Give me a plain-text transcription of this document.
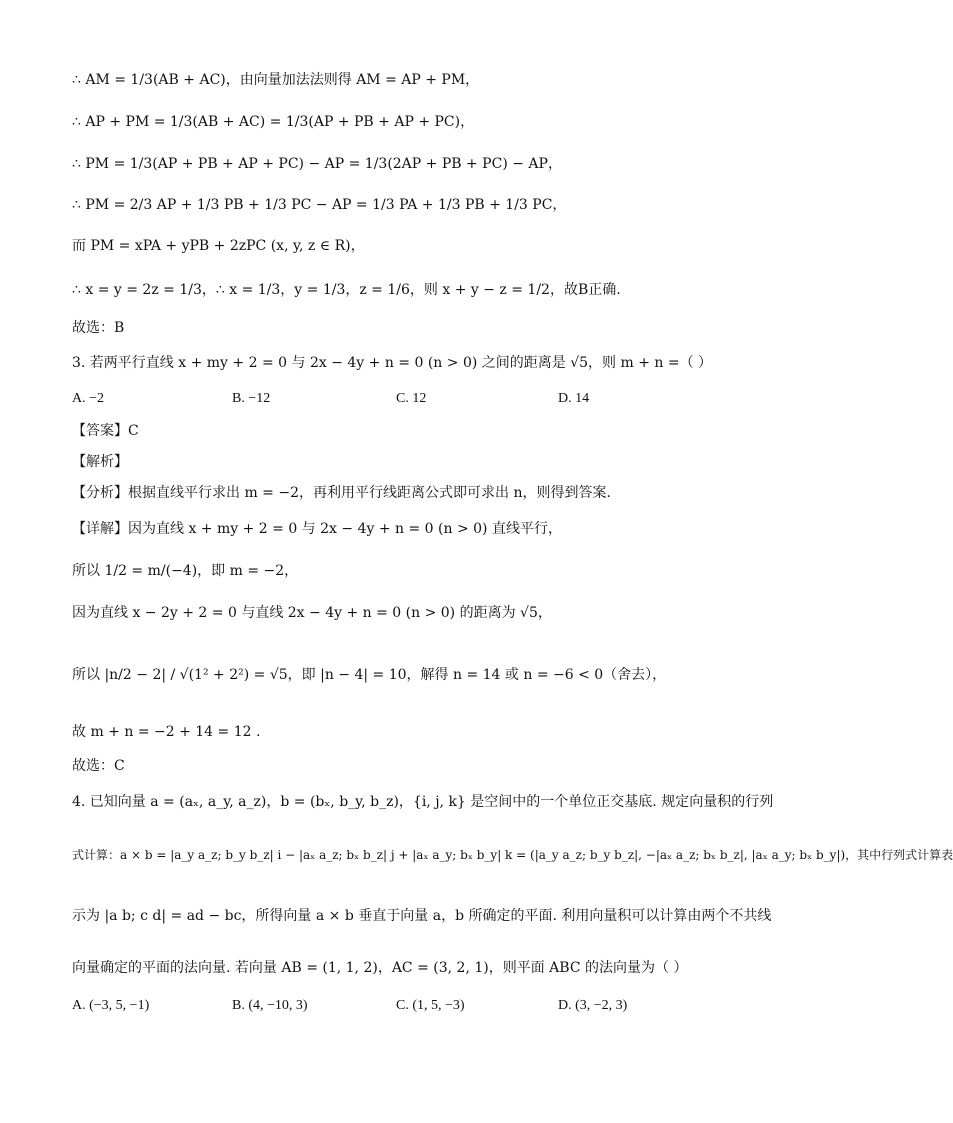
∴ AM = 1/3(AB + AC)，由向量加法法则得 AM = AP + PM，
∴ AP + PM = 1/3(AB + AC) = 1/3(AP + PB + AP + PC)，
∴ PM = 1/3(AP + PB + AP + PC) − AP = 1/3(2AP + PB + PC) − AP，
∴ PM = 2/3 AP + 1/3 PB + 1/3 PC − AP = 1/3 PA + 1/3 PB + 1/3 PC，
而 PM = xPA + yPB + 2zPC (x, y, z ∈ R)，
∴ x = y = 2z = 1/3，∴ x = 1/3，y = 1/3，z = 1/6，则 x + y − z = 1/2，故B正确.
故选：B
3. 若两平行直线 x + my + 2 = 0 与 2x − 4y + n = 0 (n > 0) 之间的距离是 √5，则 m + n =（ ）
A. −2	B. −12	C. 12	D. 14
【答案】C
【解析】
【分析】根据直线平行求出 m = −2，再利用平行线距离公式即可求出 n，则得到答案.
【详解】因为直线 x + my + 2 = 0 与 2x − 4y + n = 0 (n > 0) 直线平行，
所以 1/2 = m/(−4)，即 m = −2，
因为直线 x − 2y + 2 = 0 与直线 2x − 4y + n = 0 (n > 0) 的距离为 √5，
所以 |n/2 − 2| / √(1² + 2²) = √5，即 |n − 4| = 10，解得 n = 14 或 n = −6 < 0（舍去），
故 m + n = −2 + 14 = 12 .
故选：C
4. 已知向量 a = (aₓ, a_y, a_z)，b = (bₓ, b_y, b_z)，{i, j, k} 是空间中的一个单位正交基底. 规定向量积的行列
式计算：a × b = |a_y a_z; b_y b_z| i − |aₓ a_z; bₓ b_z| j + |aₓ a_y; bₓ b_y| k = (|a_y a_z; b_y b_z|, −|aₓ a_z; bₓ b_z|, |aₓ a_y; bₓ b_y|)，其中行列式计算表
示为 |a b; c d| = ad − bc，所得向量 a × b 垂直于向量 a，b 所确定的平面. 利用向量积可以计算由两个不共线
向量确定的平面的法向量. 若向量 AB = (1, 1, 2)，AC = (3, 2, 1)，则平面 ABC 的法向量为（ ）
A. (−3, 5, −1)	B. (4, −10, 3)	C. (1, 5, −3)	D. (3, −2, 3)
